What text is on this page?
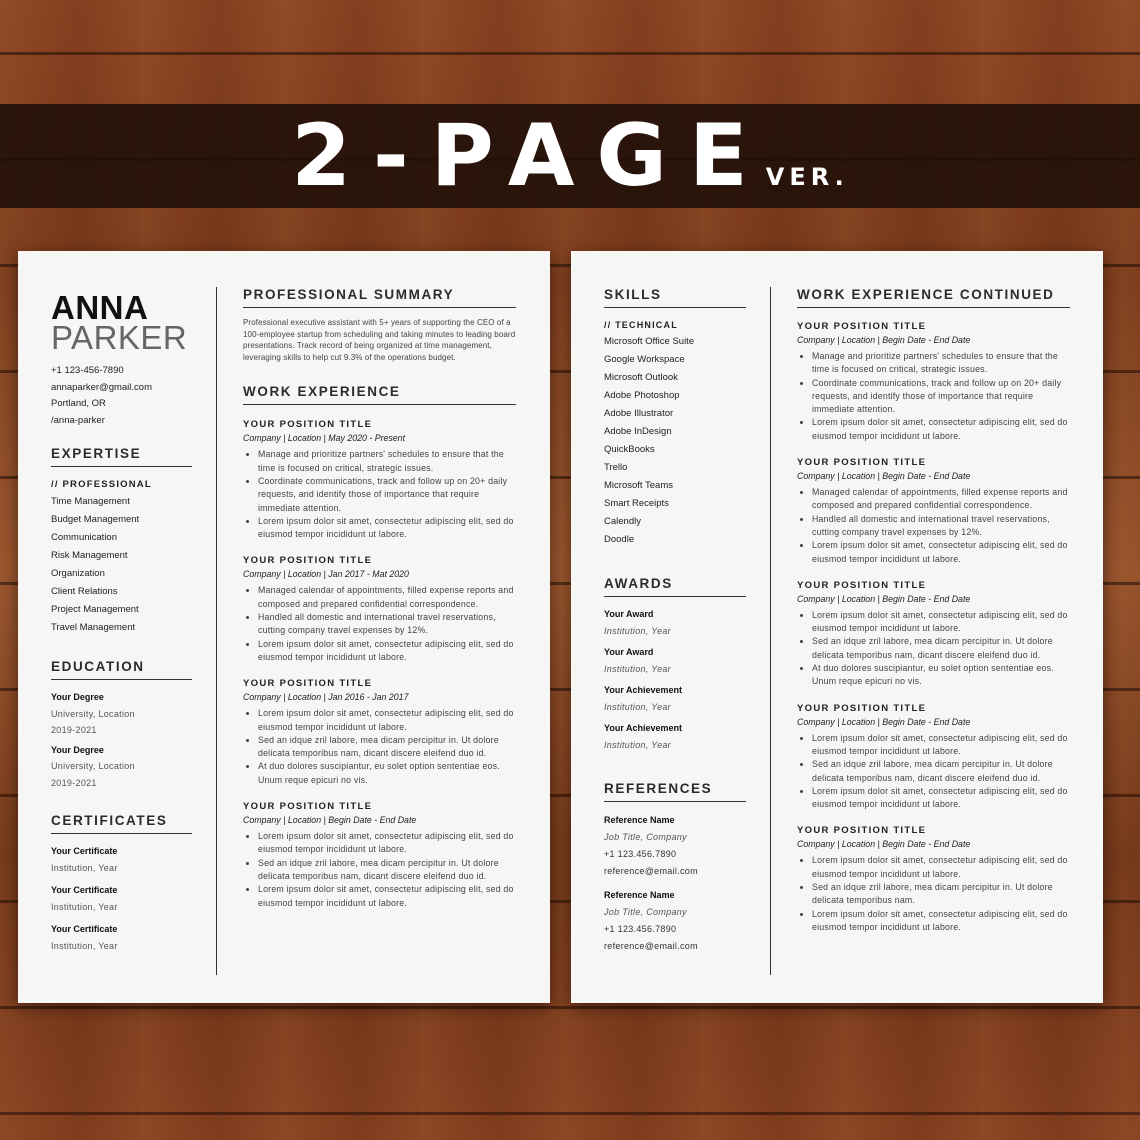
2-PAGE
VER.
ANNA
PARKER
+1 123-456-7890
annaparker@gmail.com
Portland, OR
/anna-parker
EXPERTISE
// PROFESSIONAL
Time Management
Budget Management
Communication
Risk Management
Organization
Client Relations
Project Management
Travel Management
EDUCATION
Your Degree
University, Location
2019-2021
Your Degree
University, Location
2019-2021
CERTIFICATES
Your Certificate
Institution, Year
Your Certificate
Institution, Year
Your Certificate
Institution, Year
PROFESSIONAL SUMMARY
Professional executive assistant with 5+ years of supporting the CEO of a 100-employee startup from scheduling and taking minutes to leading board presentations. Track record of being organized at time management, leveraging skills to help cut 9.3% of the operations budget.
WORK EXPERIENCE
YOUR POSITION TITLE
Company | Location | May 2020 - Present
• Manage and prioritize partners' schedules to ensure that the time is focused on critical, strategic issues.
• Coordinate communications, track and follow up on 20+ daily requests, and identify those of importance that require immediate attention.
• Lorem ipsum dolor sit amet, consectetur adipiscing elit, sed do eiusmod tempor incididunt ut labore.
YOUR POSITION TITLE
Company | Location | Jan 2017 - Mat 2020
• Managed calendar of appointments, filled expense reports and composed and prepared confidential correspondence.
• Handled all domestic and international travel reservations, cutting company travel expenses by 12%.
• Lorem ipsum dolor sit amet, consectetur adipiscing elit, sed do eiusmod tempor incididunt ut labore.
YOUR POSITION TITLE
Company | Location | Jan 2016 - Jan 2017
• Lorem ipsum dolor sit amet, consectetur adipiscing elit, sed do eiusmod tempor incididunt ut labore.
• Sed an idque zril labore, mea dicam percipitur in. Ut dolore delicata temporibus nam, dicant discere eleifend duo id.
• At duo dolores suscipiantur, eu solet option sententiae eos. Unum reque epicuri no vis.
YOUR POSITION TITLE
Company | Location | Begin Date - End Date
• Lorem ipsum dolor sit amet, consectetur adipiscing elit, sed do eiusmod tempor incididunt ut labore.
• Sed an idque zril labore, mea dicam percipitur in. Ut dolore delicata temporibus nam, dicant discere eleifend duo id.
• Lorem ipsum dolor sit amet, consectetur adipiscing elit, sed do eiusmod tempor incididunt ut labore.
SKILLS
// TECHNICAL
Microsoft Office Suite
Google Workspace
Microsoft Outlook
Adobe Photoshop
Adobe Illustrator
Adobe InDesign
QuickBooks
Trello
Microsoft Teams
Smart Receipts
Calendly
Doodle
AWARDS
Your Award
Institution, Year
Your Award
Institution, Year
Your Achievement
Institution, Year
Your Achievement
Institution, Year
REFERENCES
Reference Name
Job Title, Company
+1 123.456.7890
reference@email.com
Reference Name
Job Title, Company
+1 123.456.7890
reference@email.com
WORK EXPERIENCE CONTINUED
YOUR POSITION TITLE
Company | Location | Begin Date - End Date
• Manage and prioritize partners' schedules to ensure that the time is focused on critical, strategic issues.
• Coordinate communications, track and follow up on 20+ daily requests, and identify those of importance that require immediate attention.
• Lorem ipsum dolor sit amet, consectetur adipiscing elit, sed do eiusmod tempor incididunt ut labore.
YOUR POSITION TITLE
Company | Location | Begin Date - End Date
• Managed calendar of appointments, filled expense reports and composed and prepared confidential correspondence.
• Handled all domestic and international travel reservations, cutting company travel expenses by 12%.
• Lorem ipsum dolor sit amet, consectetur adipiscing elit, sed do eiusmod tempor incididunt ut labore.
YOUR POSITION TITLE
Company | Location | Begin Date - End Date
• Lorem ipsum dolor sit amet, consectetur adipiscing elit, sed do eiusmod tempor incididunt ut labore.
• Sed an idque zril labore, mea dicam percipitur in. Ut dolore delicata temporibus nam, dicant discere eleifend duo id.
• At duo dolores suscipiantur, eu solet option sententiae eos. Unum reque epicuri no vis.
YOUR POSITION TITLE
Company | Location | Begin Date - End Date
• Lorem ipsum dolor sit amet, consectetur adipiscing elit, sed do eiusmod tempor incididunt ut labore.
• Sed an idque zril labore, mea dicam percipitur in. Ut dolore delicata temporibus nam, dicant discere eleifend duo id.
• Lorem ipsum dolor sit amet, consectetur adipiscing elit, sed do eiusmod tempor incididunt ut labore.
YOUR POSITION TITLE
Company | Location | Begin Date - End Date
• Lorem ipsum dolor sit amet, consectetur adipiscing elit, sed do eiusmod tempor incididunt ut labore.
• Sed an idque zril labore, mea dicam percipitur in. Ut dolore delicata temporibus nam.
• Lorem ipsum dolor sit amet, consectetur adipiscing elit, sed do eiusmod tempor incididunt ut labore.
